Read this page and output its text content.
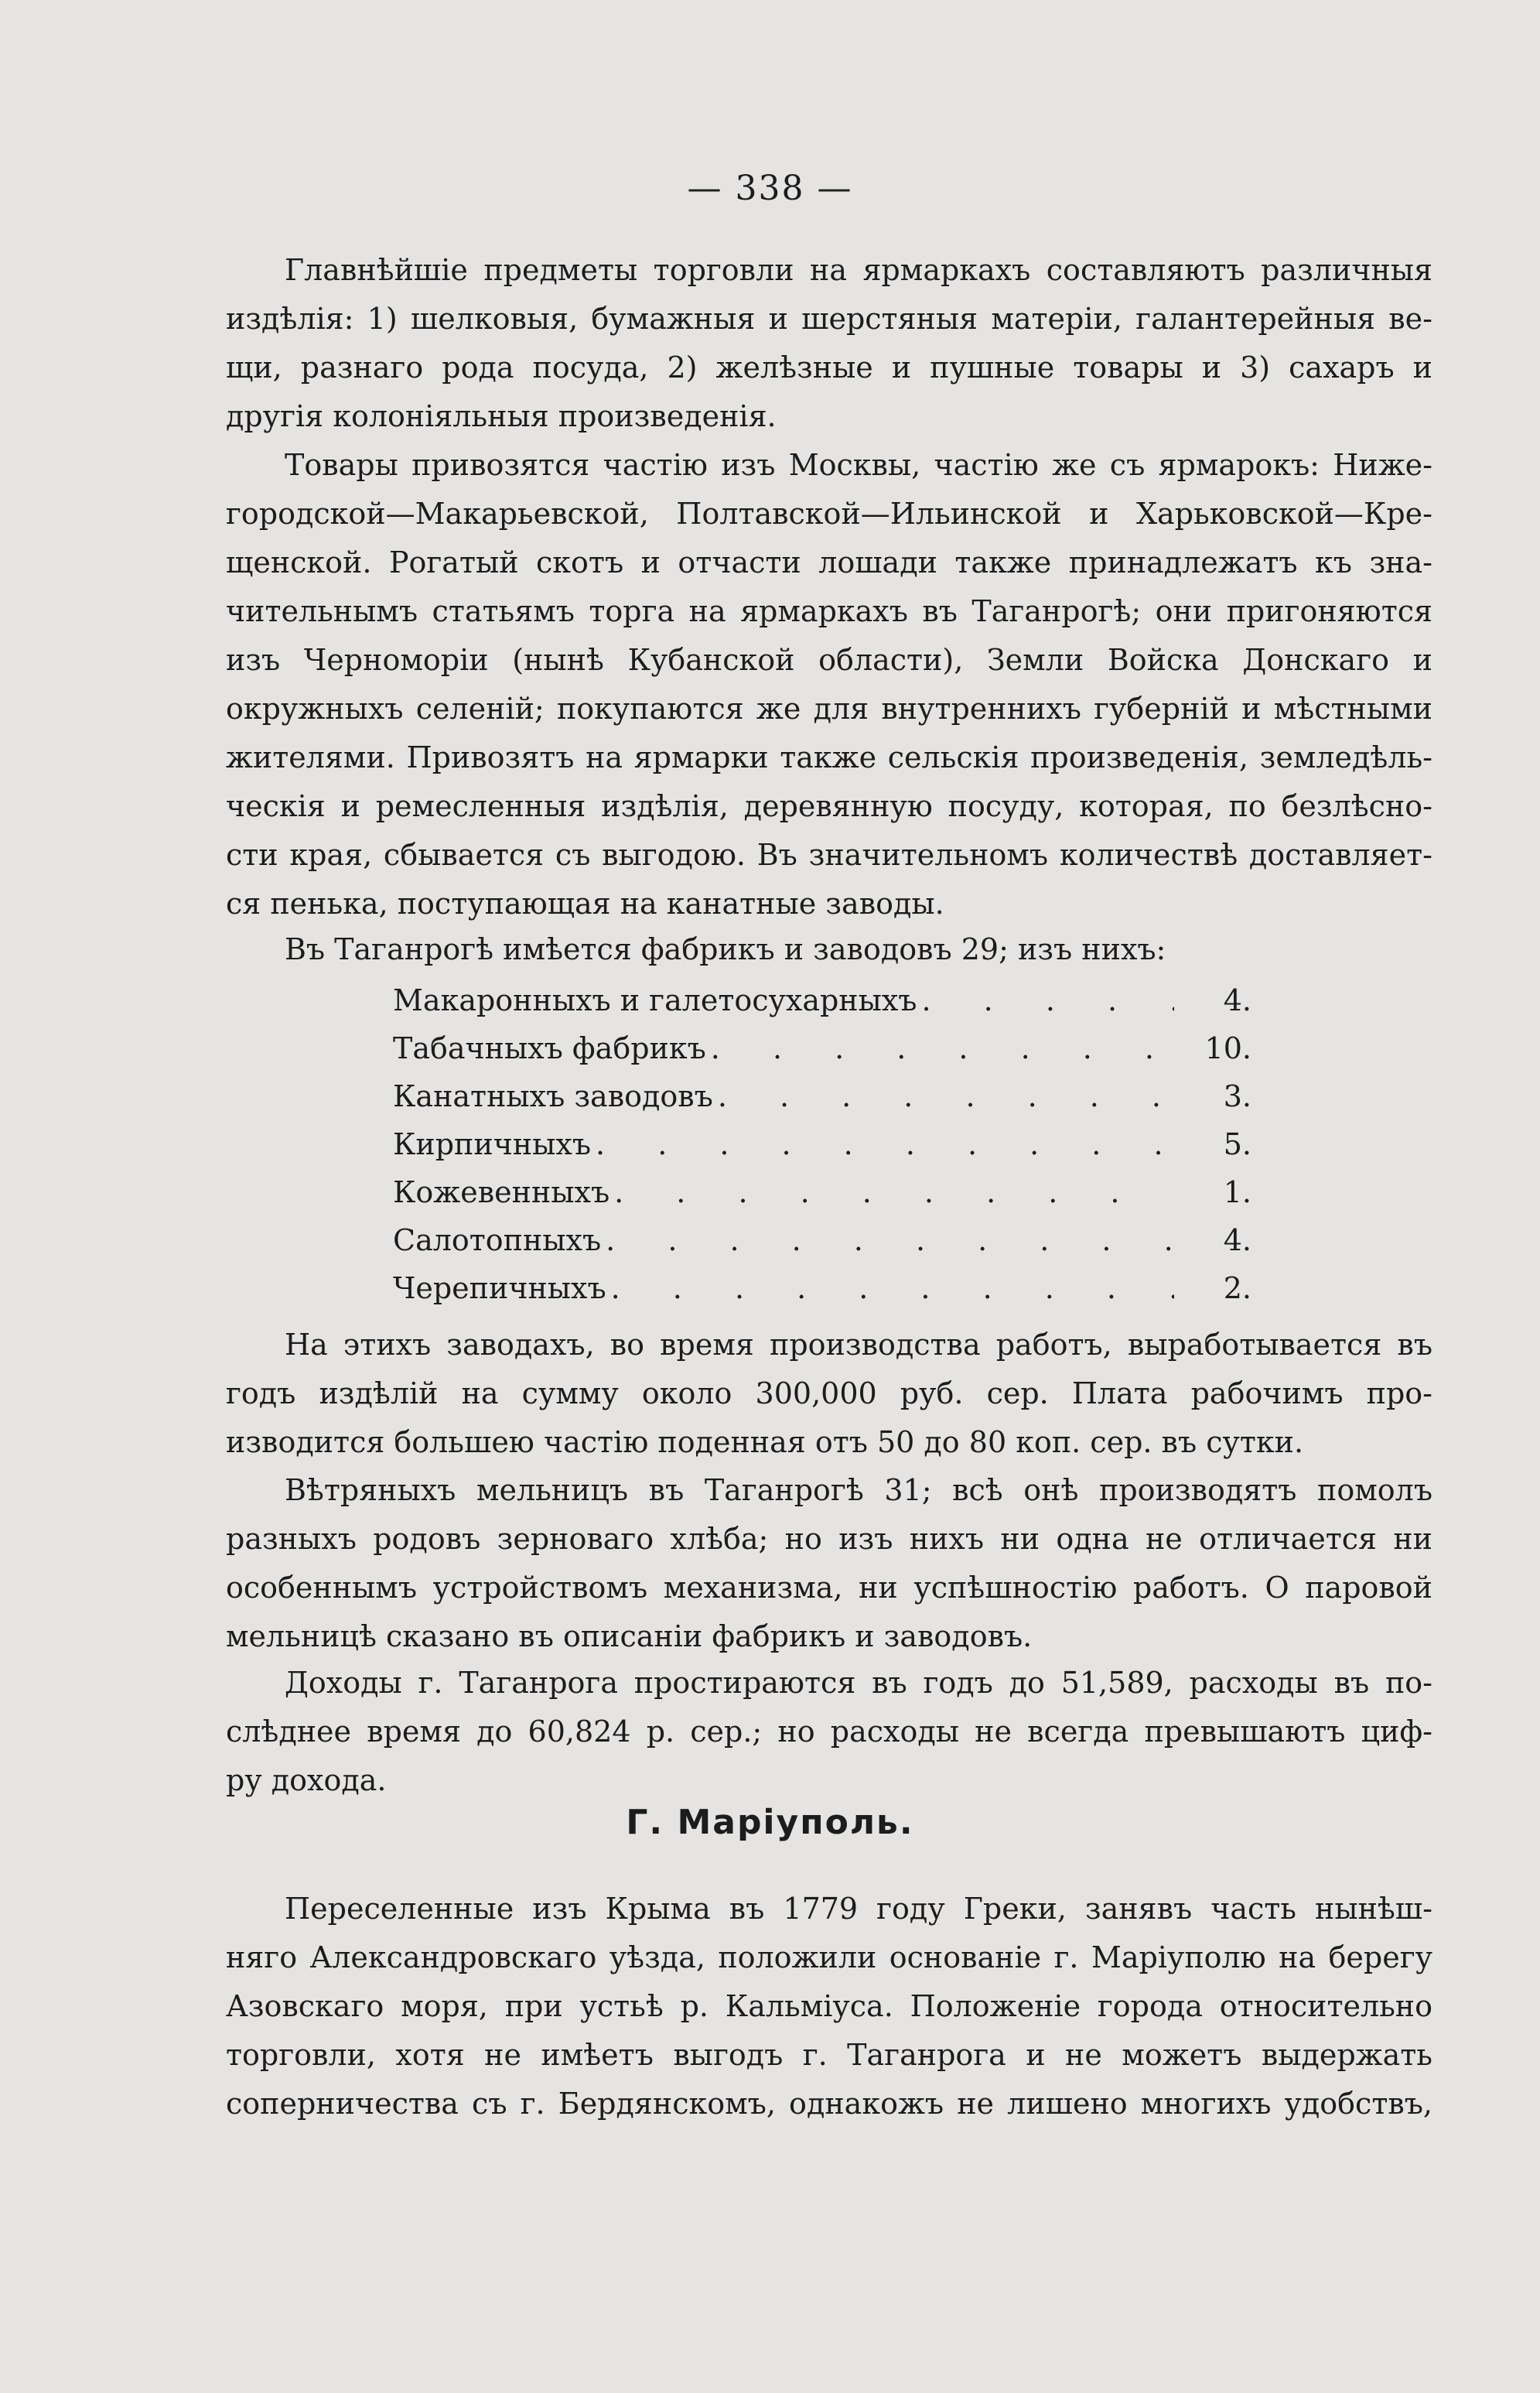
— 338 —
Главнѣйшіе предметы торговли на ярмаркахъ составляютъ различныя
издѣлія: 1) шелковыя, бумажныя и шерстяныя матеріи, галантерейныя ве-
щи, разнаго рода посуда, 2) желѣзные и пушные товары и 3) сахаръ и
другія колоніяльныя произведенія.
Товары привозятся частію изъ Москвы, частію же съ ярмарокъ: Ниже-
городской—Макарьевской, Полтавской—Ильинской и Харьковской—Кре-
щенской. Рогатый скотъ и отчасти лошади также принадлежатъ къ зна-
чительнымъ статьямъ торга на ярмаркахъ въ Таганрогѣ; они пригоняются
изъ Черноморіи (нынѣ Кубанской области), Земли Войска Донскаго и
окружныхъ селеній; покупаются же для внутреннихъ губерній и мѣстными
жителями. Привозятъ на ярмарки также сельскія произведенія, земледѣль-
ческія и ремесленныя издѣлія, деревянную посуду, которая, по безлѣсно-
сти края, сбывается съ выгодою. Въ значительномъ количествѣ доставляет-
ся пенька, поступающая на канатные заводы.
Въ Таганрогѣ имѣется фабрикъ и заводовъ 29; изъ нихъ:
Макаронныхъ и галетосухарныхъ . . .	4.
Табачныхъ фабрикъ . . .	10.
Канатныхъ заводовъ . . .	3.
Кирпичныхъ . . .	5.
Кожевенныхъ . . .	1.
Салотопныхъ . . .	4.
Черепичныхъ . . .	2.
На этихъ заводахъ, во время производства работъ, выработывается въ
годъ издѣлій на сумму около 300,000 руб. сер. Плата рабочимъ про-
изводится большею частію поденная отъ 50 до 80 коп. сер. въ сутки.
Вѣтряныхъ мельницъ въ Таганрогѣ 31; всѣ онѣ производятъ помолъ
разныхъ родовъ зерноваго хлѣба; но изъ нихъ ни одна не отличается ни
особеннымъ устройствомъ механизма, ни успѣшностію работъ. О паровой
мельницѣ сказано въ описаніи фабрикъ и заводовъ.
Доходы г. Таганрога простираются въ годъ до 51,589, расходы въ по-
слѣднее время до 60,824 р. сер.; но расходы не всегда превышаютъ циф-
ру дохода.
Г. Маріуполь.
Переселенные изъ Крыма въ 1779 году Греки, занявъ часть нынѣш-
няго Александровскаго уѣзда, положили основаніе г. Маріуполю на берегу
Азовскаго моря, при устьѣ р. Кальміуса. Положеніе города относительно
торговли, хотя не имѣетъ выгодъ г. Таганрога и не можетъ выдержать
соперничества съ г. Бердянскомъ, однакожъ не лишено многихъ удобствъ,
